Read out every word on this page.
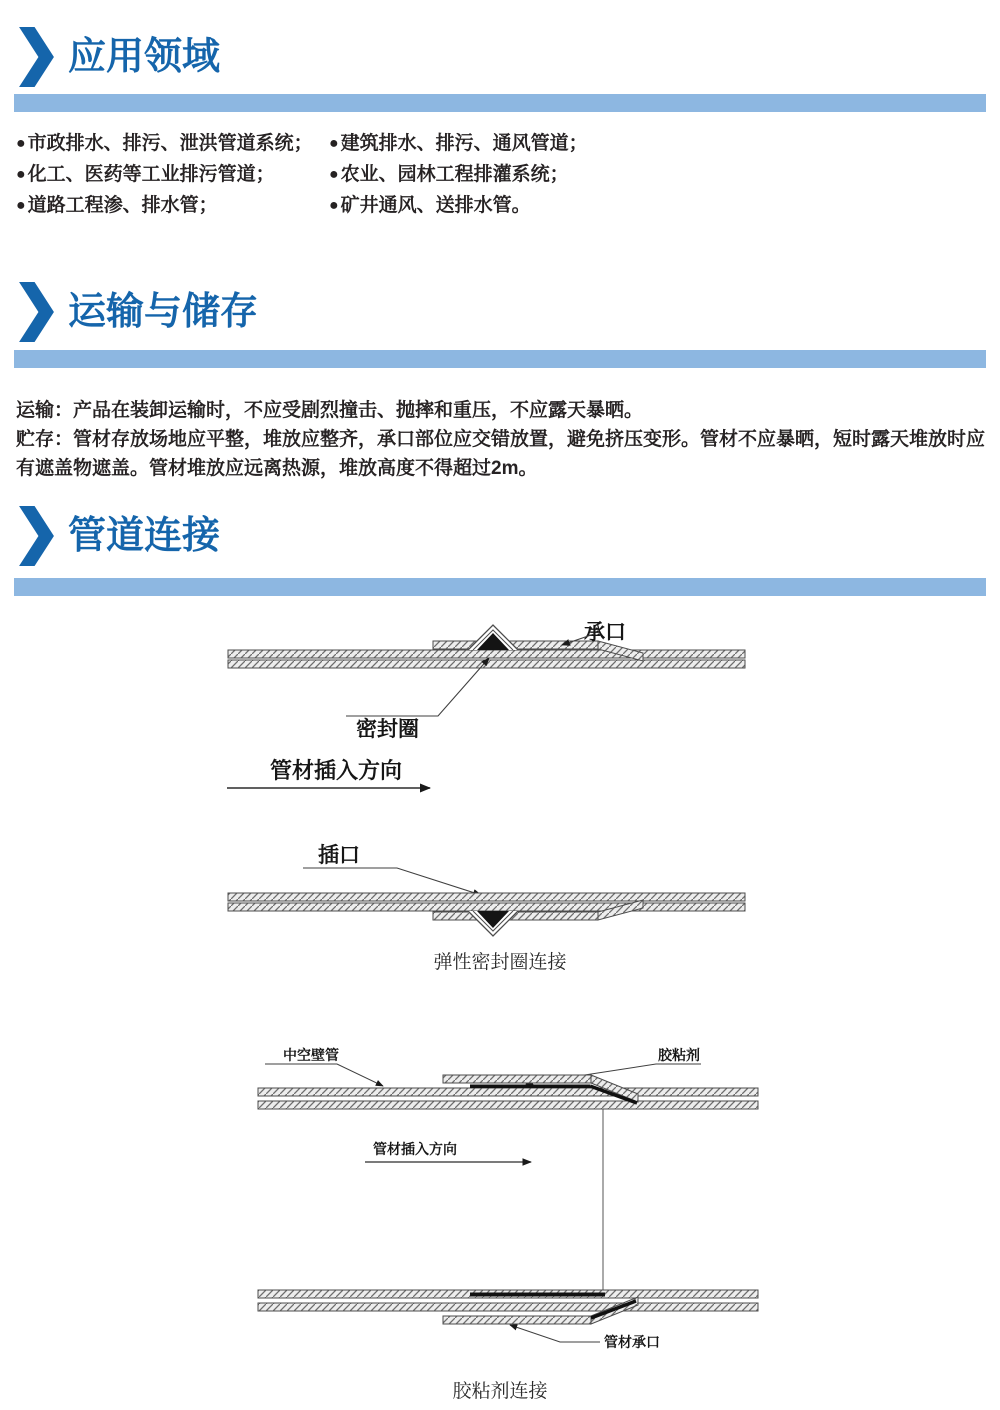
应用领域
● 市政排水、排污、泄洪管道系统； ● 建筑排水、排污、通风管道；
● 化工、医药等工业排污管道；	● 农业、园林工程排灌系统；
● 道路工程渗、排水管；	● 矿井通风、送排水管。
运输与储存

运输：产品在装卸运输时，不应受剧烈撞击、抛摔和重压，不应露天暴晒。

贮存：管材存放场地应平整，堆放应整齐，承口部位应交错放置，避免挤压变形。管材不应暴晒，短时露天堆放时应有遮盖物遮盖。管材堆放应远离热源，堆放高度不得超过2m。

管道连接
承口
密封圈
管材插入方向
插口
弹性密封圈连接
中空壁管	胶粘剂
管材插入方向
管材承口
胶粘剂连接
